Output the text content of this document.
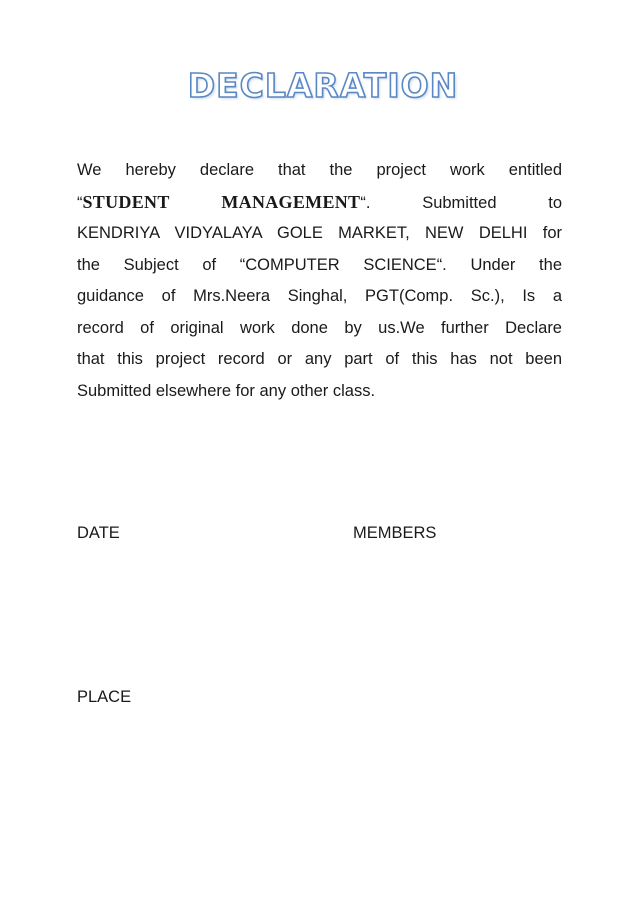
DECLARATION
We hereby declare that the project work entitled
“STUDENT	MANAGEMENT“.	Submitted	to
KENDRIYA VIDYALAYA GOLE MARKET, NEW DELHI for
the Subject of “COMPUTER SCIENCE“. Under the
guidance of Mrs.Neera Singhal, PGT(Comp. Sc.), Is a
record of original work done by us.We further Declare
that this project record or any part of this has not been
Submitted elsewhere for any other class.
DATE	MEMBERS
PLACE
